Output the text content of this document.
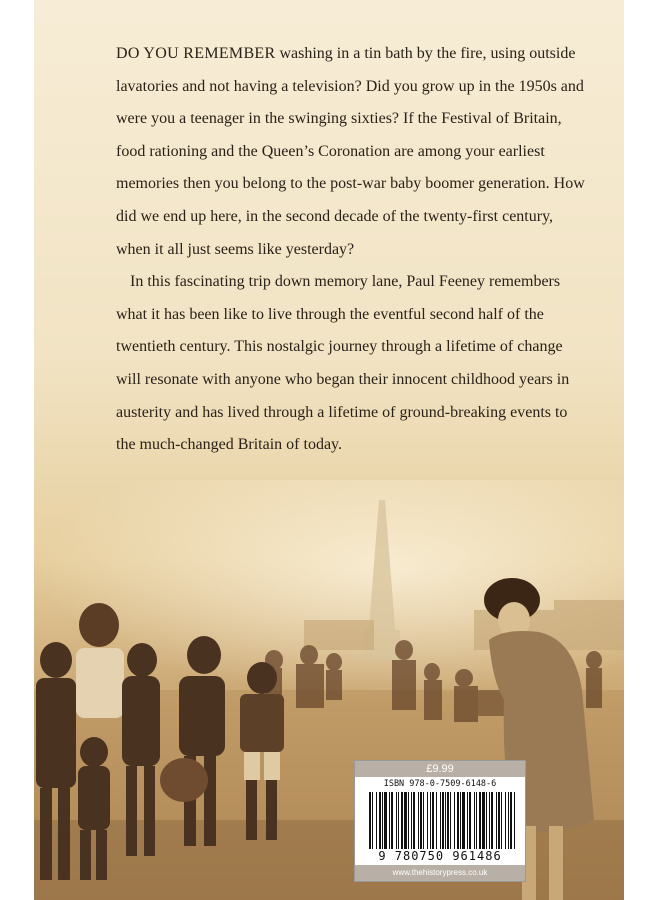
DO YOU REMEMBER washing in a tin bath by the fire, using outside lavatories and not having a television? Did you grow up in the 1950s and were you a teenager in the swinging sixties? If the Festival of Britain, food rationing and the Queen’s Coronation are among your earliest memories then you belong to the post-war baby boomer generation. How did we end up here, in the second decade of the twenty-first century, when it all just seems like yesterday?

In this fascinating trip down memory lane, Paul Feeney remembers what it has been like to live through the eventful second half of the twentieth century. This nostalgic journey through a lifetime of change will resonate with anyone who began their innocent childhood years in austerity and has lived through a lifetime of ground-breaking events to the much-changed Britain of today.

£9.99
ISBN 978-0-7509-6148-6
9 780750 961486
www.thehistorypress.co.uk
